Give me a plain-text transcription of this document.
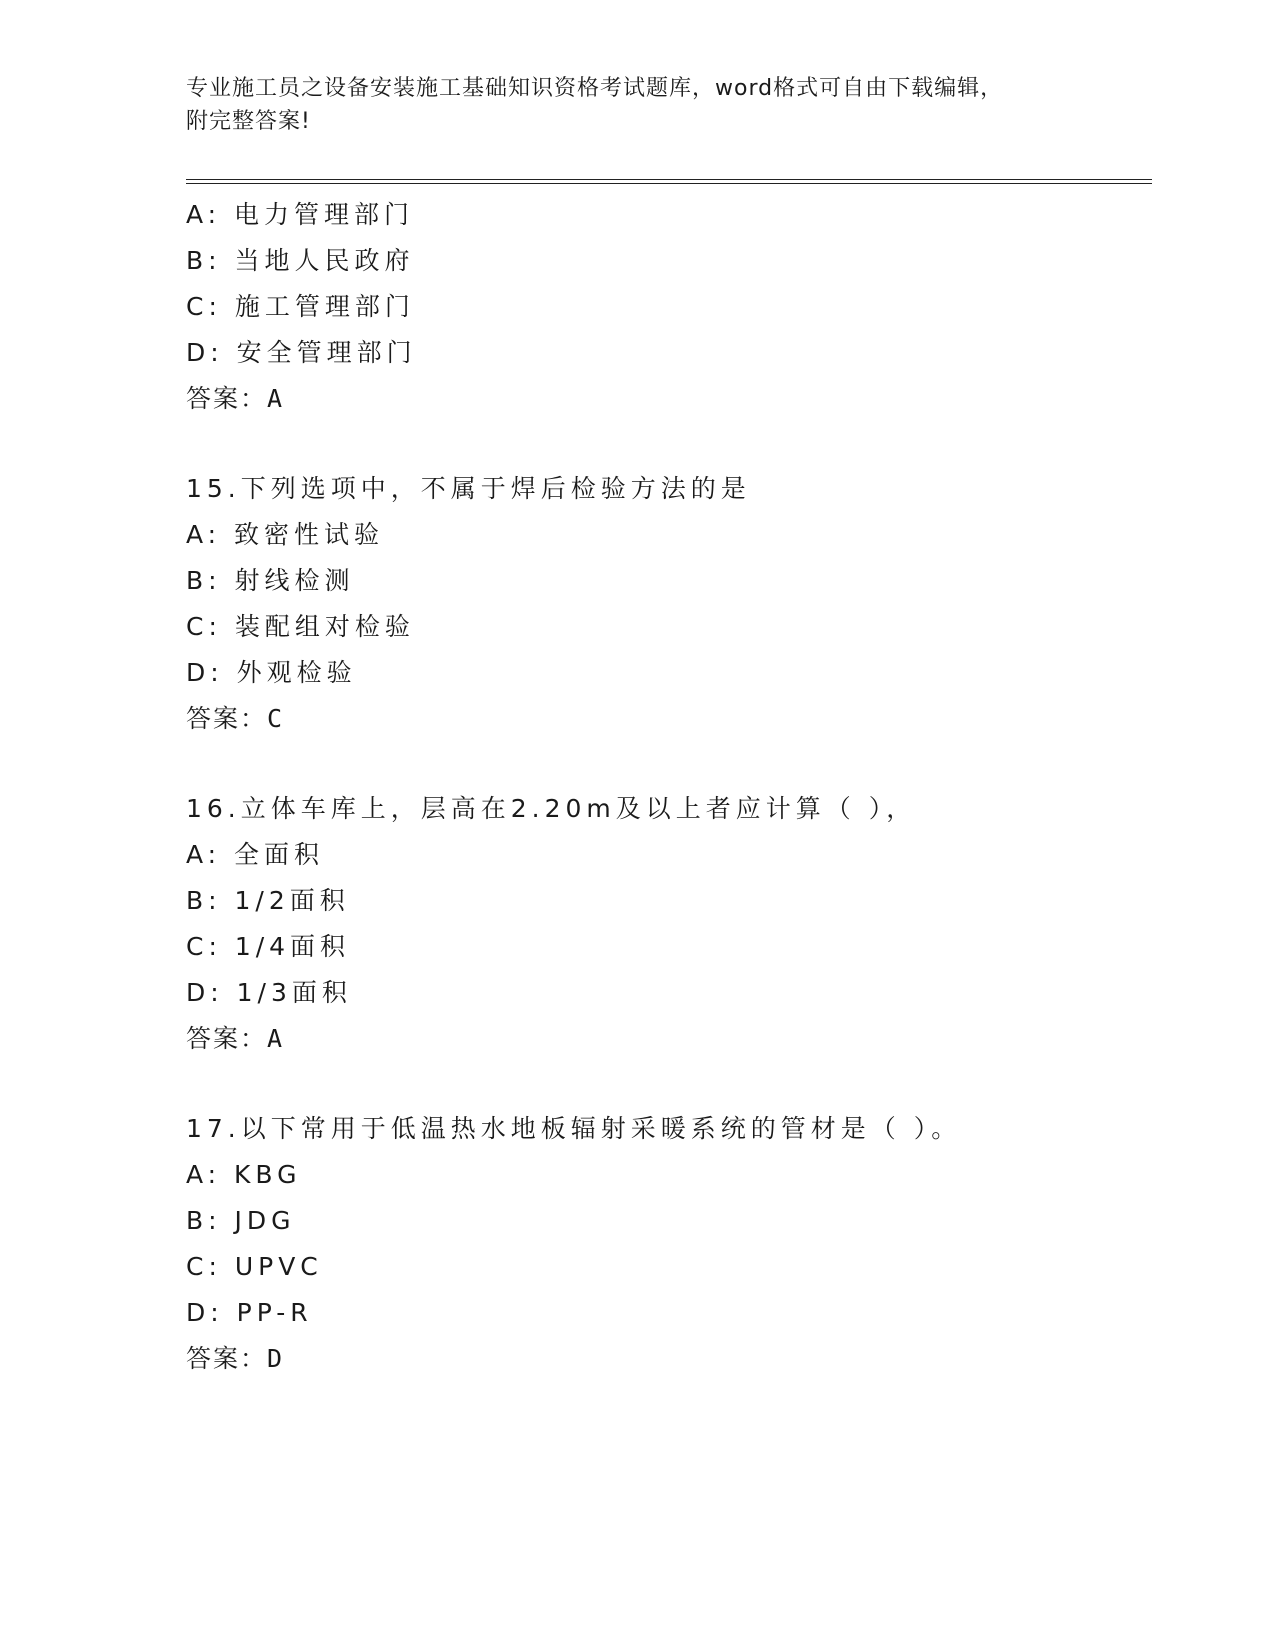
专业施工员之设备安装施工基础知识资格考试题库，word格式可自由下载编辑，
附完整答案!
A: 电力管理部门
B: 当地人民政府
C: 施工管理部门
D: 安全管理部门
答案：A
15.下列选项中，不属于焊后检验方法的是
A: 致密性试验
B: 射线检测
C: 装配组对检验
D: 外观检验
答案：C
16.立体车库上，层高在2.20m及以上者应计算（ ），
A: 全面积
B: 1/2面积
C: 1/4面积
D: 1/3面积
答案：A
17.以下常用于低温热水地板辐射采暖系统的管材是（ ）。
A: KBG
B: JDG
C: UPVC
D: PP-R
答案：D
